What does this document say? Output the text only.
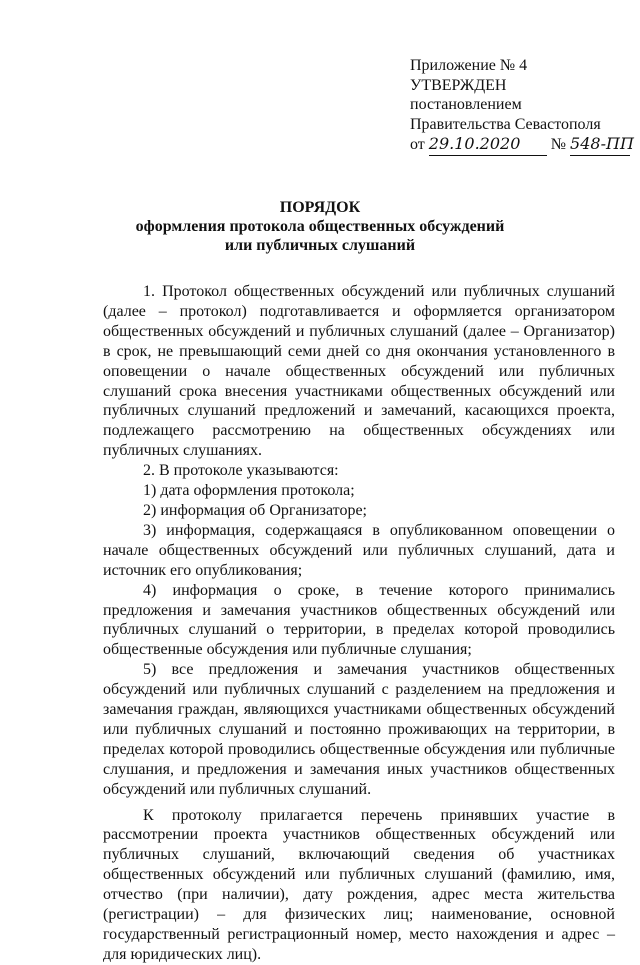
Приложение № 4
УТВЕРЖДЕН
постановлением
Правительства Севастополя
от 29.10.2020 № 548-ПП
ПОРЯДОК
оформления протокола общественных обсуждений
или публичных слушаний

1. Протокол общественных обсуждений или публичных слушаний (далее – протокол) подготавливается и оформляется организатором общественных обсуждений и публичных слушаний (далее – Организатор) в срок, не превышающий семи дней со дня окончания установленного в оповещении о начале общественных обсуждений или публичных слушаний срока внесения участниками общественных обсуждений или публичных слушаний предложений и замечаний, касающихся проекта, подлежащего рассмотрению на общественных обсуждениях или публичных слушаниях.

2. В протоколе указываются:

1) дата оформления протокола;

2) информация об Организаторе;

3) информация, содержащаяся в опубликованном оповещении о начале общественных обсуждений или публичных слушаний, дата и источник его опубликования;

4) информация о сроке, в течение которого принимались предложения и замечания участников общественных обсуждений или публичных слушаний о территории, в пределах которой проводились общественные обсуждения или публичные слушания;

5) все предложения и замечания участников общественных обсуждений или публичных слушаний с разделением на предложения и замечания граждан, являющихся участниками общественных обсуждений или публичных слушаний и постоянно проживающих на территории, в пределах которой проводились общественные обсуждения или публичные слушания, и предложения и замечания иных участников общественных обсуждений или публичных слушаний.

К протоколу прилагается перечень принявших участие в рассмотрении проекта участников общественных обсуждений или публичных слушаний, включающий сведения об участниках общественных обсуждений или публичных слушаний (фамилию, имя, отчество (при наличии), дату рождения, адрес места жительства (регистрации) – для физических лиц; наименование, основной государственный регистрационный номер, место нахождения и адрес – для юридических лиц).
